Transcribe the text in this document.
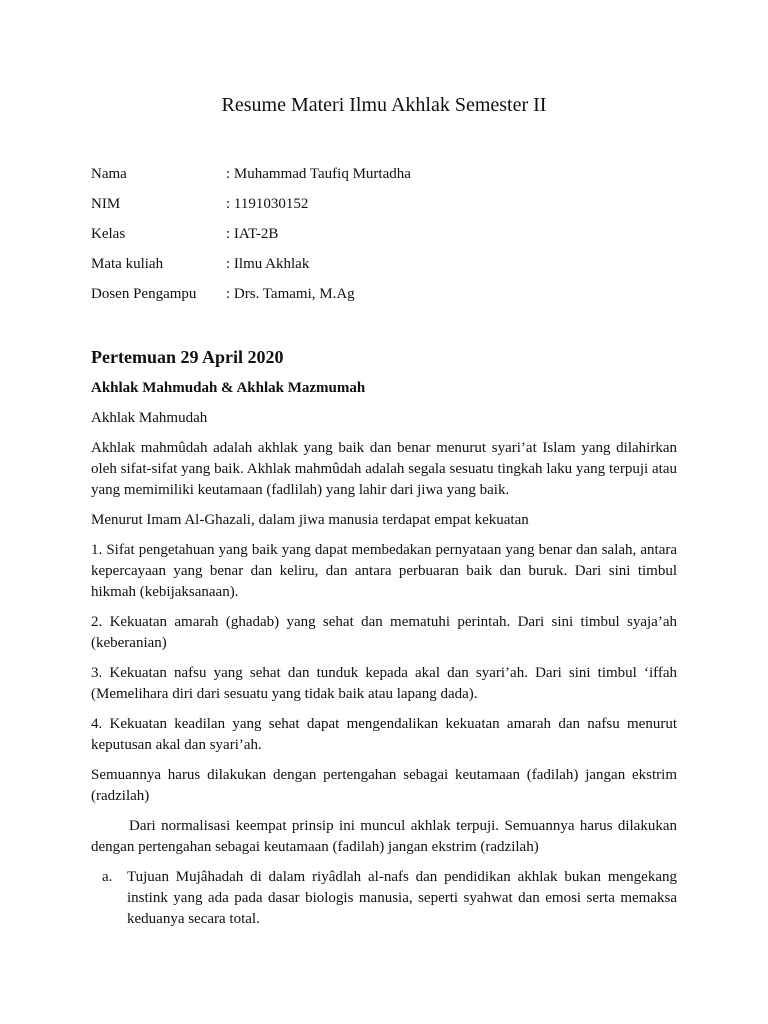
Resume Materi Ilmu Akhlak Semester II
Nama	: Muhammad Taufiq Murtadha
NIM	: 1191030152
Kelas	: IAT-2B
Mata kuliah	: Ilmu Akhlak
Dosen Pengampu	: Drs. Tamami, M.Ag
Pertemuan 29 April 2020
Akhlak Mahmudah & Akhlak Mazmumah

Akhlak Mahmudah

Akhlak mahmûdah adalah akhlak yang baik dan benar menurut syari’at Islam yang dilahirkan oleh sifat-sifat yang baik. Akhlak mahmûdah adalah segala sesuatu tingkah laku yang terpuji atau yang memimiliki keutamaan (fadlilah) yang lahir dari jiwa yang baik.

Menurut Imam Al-Ghazali, dalam jiwa manusia terdapat empat kekuatan

1. Sifat pengetahuan yang baik yang dapat membedakan pernyataan yang benar dan salah, antara kepercayaan yang benar dan keliru, dan antara perbuaran baik dan buruk. Dari sini timbul hikmah (kebijaksanaan).

2. Kekuatan amarah (ghadab) yang sehat dan mematuhi perintah. Dari sini timbul syaja’ah (keberanian)

3. Kekuatan nafsu yang sehat dan tunduk kepada akal dan syari’ah. Dari sini timbul ‘iffah (Memelihara diri dari sesuatu yang tidak baik atau lapang dada).

4. Kekuatan keadilan yang sehat dapat mengendalikan kekuatan amarah dan nafsu menurut keputusan akal dan syari’ah.

Semuannya harus dilakukan dengan pertengahan sebagai keutamaan (fadilah) jangan ekstrim (radzilah)

Dari normalisasi keempat prinsip ini muncul akhlak terpuji. Semuannya harus dilakukan dengan pertengahan sebagai keutamaan (fadilah) jangan ekstrim (radzilah)

a. Tujuan Mujâhadah di dalam riyâdlah al-nafs dan pendidikan akhlak bukan mengekang instink yang ada pada dasar biologis manusia, seperti syahwat dan emosi serta memaksa keduanya secara total.
